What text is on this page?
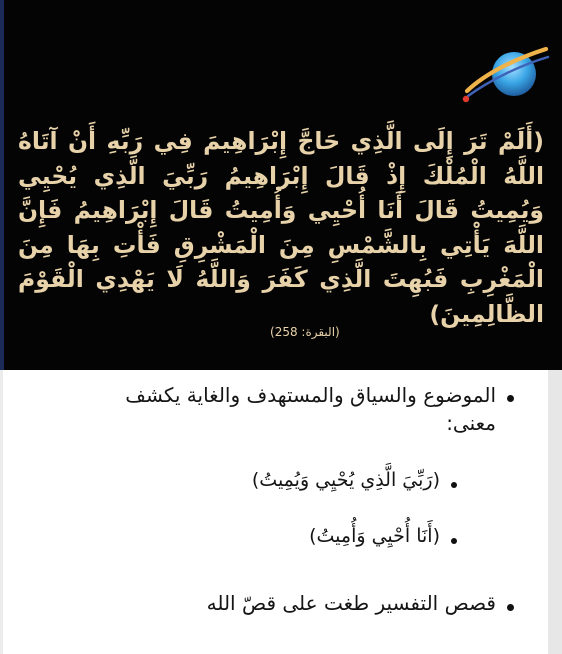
(أَلَمْ تَرَ إِلَى الَّذِي حَاجَّ إِبْرَاهِيمَ فِي رَبِّهِ أَنْ آتَاهُ اللَّهُ الْمُلْكَ إِذْ قَالَ إِبْرَاهِيمُ رَبِّيَ الَّذِي يُحْيِي وَيُمِيتُ قَالَ أَنَا أُحْيِي وَأُمِيتُ قَالَ إِبْرَاهِيمُ فَإِنَّ اللَّهَ يَأْتِي بِالشَّمْسِ مِنَ الْمَشْرِقِ فَأْتِ بِهَا مِنَ الْمَغْرِبِ فَبُهِتَ الَّذِي كَفَرَ وَاللَّهُ لَا يَهْدِي الْقَوْمَ الظَّالِمِينَ)
(البقرة: 258)
الموضوع والسياق والمستهدف والغاية يكشف معنى:
(رَبِّيَ الَّذِي يُحْيِي وَيُمِيتُ)
(أَنَا أُحْيِي وَأُمِيتُ)
قصص التفسير طغت على قصّ الله
